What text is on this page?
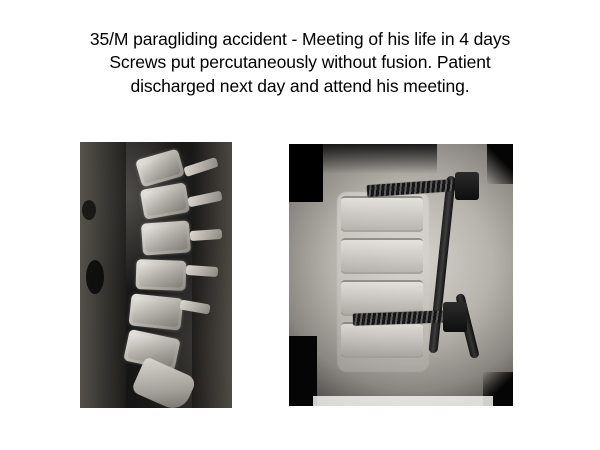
35/M paragliding accident - Meeting of his life in 4 days
Screws put percutaneously without fusion. Patient
discharged next day and attend his meeting.
